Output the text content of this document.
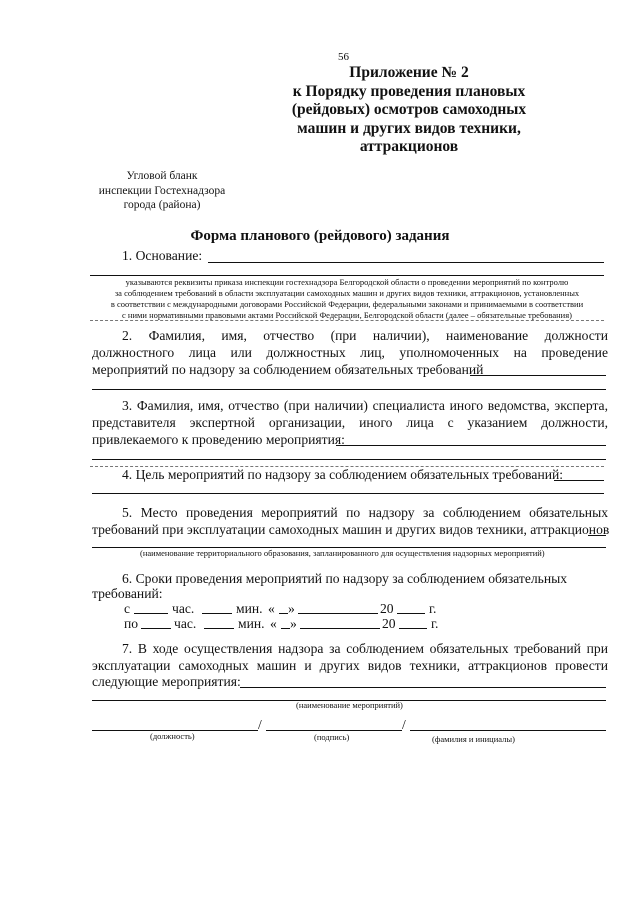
56
Приложение № 2
к Порядку проведения плановых
(рейдовых) осмотров самоходных
машин и других видов техники,
аттракционов
Угловой бланк
инспекции Гостехнадзора
города (района)
Форма планового (рейдового) задания
1. Основание:
указываются реквизиты приказа инспекции гостехнадзора Белгородской области о проведении мероприятий по контролю
за соблюдением требований в области эксплуатации самоходных машин и других видов техники, аттракционов, установленных
в соответствии с международными договорами Российской Федерации, федеральными законами и принимаемыми в соответствии
с ними нормативными правовыми актами Российской Федерации, Белгородской области (далее – обязательные требования)
2. Фамилия, имя, отчество (при наличии), наименование должности
должностного лица или должностных лиц, уполномоченных на проведение
мероприятий по надзору за соблюдением обязательных требований
3. Фамилия, имя, отчество (при наличии) специалиста иного ведомства, эксперта,
представителя экспертной организации, иного лица с указанием должности,
привлекаемого к проведению мероприятия:
4. Цель мероприятий по надзору за соблюдением обязательных требований:
5. Место проведения мероприятий по надзору за соблюдением обязательных
требований при эксплуатации самоходных машин и других видов техники, аттракционов
(наименование территориального образования, запланированного для осуществления надзорных мероприятий)
6. Сроки проведения мероприятий по надзору за соблюдением обязательных
требований:
с	час.	мин. « »	20	г.
по	час.	мин. « »	20	г.
7. В ходе осуществления надзора за соблюдением обязательных требований при
эксплуатации самоходных машин и других видов техники, аттракционов провести
следующие мероприятия:
(наименование мероприятий)
/	/
(должность)	(подпись)	(фамилия и инициалы)
